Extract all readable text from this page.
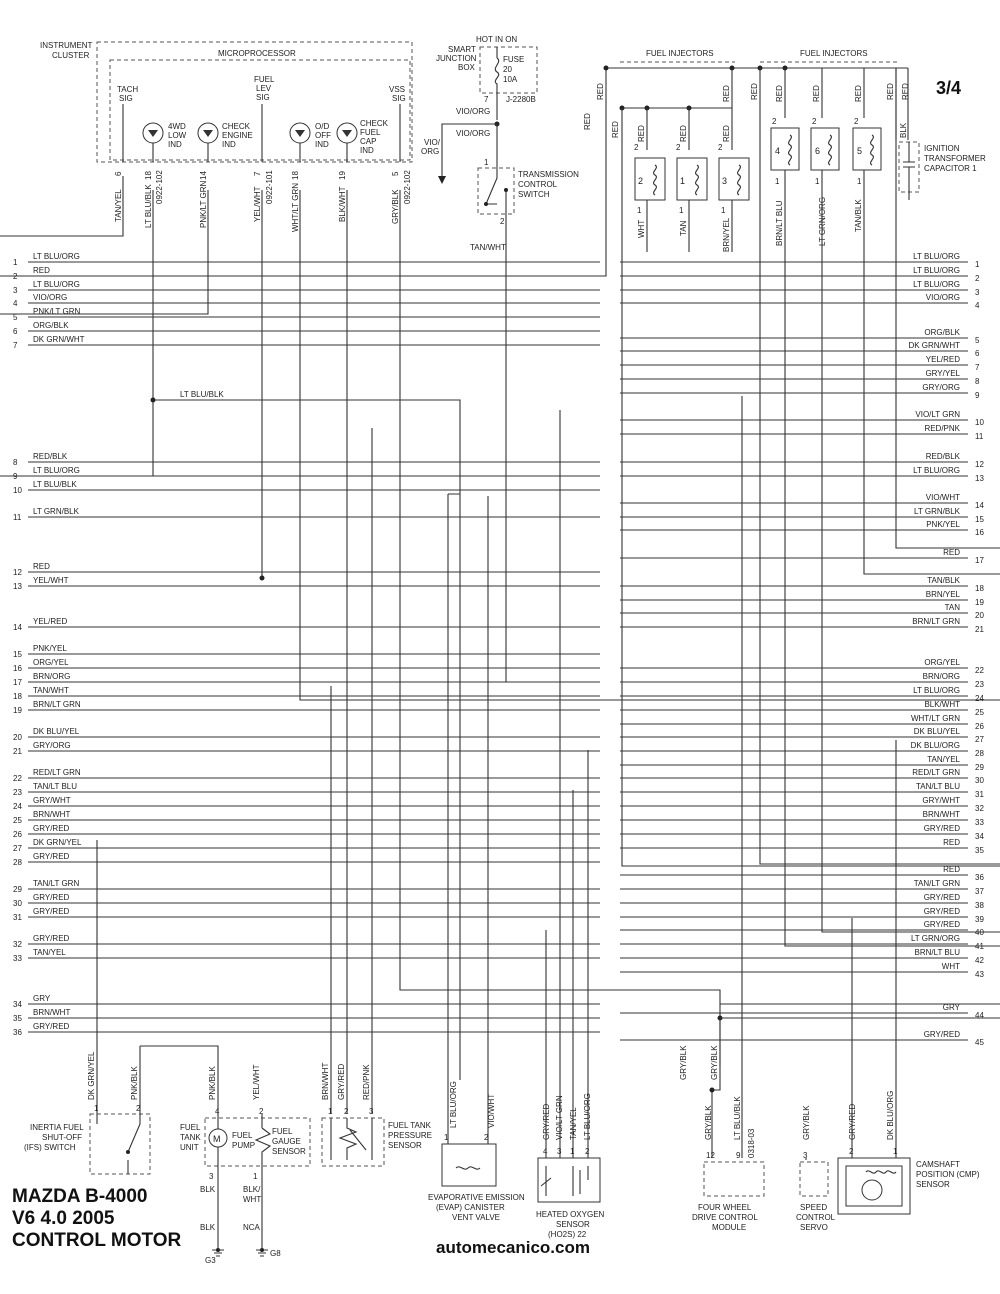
3/4
INSTRUMENT
CLUSTER	MICROPROCESSOR
TACH
SIG
FUEL
LEV
SIG
VSS
SIG
4WD
LOW
IND
CHECK
ENGINE
IND
O/D
OFF
IND
CHECK
FUEL
CAP
IND
6	18	14	7	18	19	5
TAN/YEL	LT BLU/BLK	PNK/LT GRN	YEL/WHT	WHT/LT GRN	BLK/WHT	GRY/BLK
0922-102	0922-101	0922-102
HOT IN ON
SMART
JUNCTION
BOX
FUSE
20
10A
7 J-2280B
VIO/ORG
VIO/ORG
VIO/
ORG
1
TRANSMISSION
CONTROL
SWITCH
2
TAN/WHT
FUEL INJECTORS	FUEL INJECTORS
2	1	3
4	6	5
2	2	2
1	1	1
2	2	2
1	1	1
RED	RED	RED
WHT	TAN	BRN/YEL
RED	RED	RED
BRN/LT BLU	LT GRN/ORG	TAN/BLK
RED
RED RED
RED RED	RED
IGNITION
TRANSFORMER
CAPACITOR 1
BLK
RED
1
LT BLU/ORG
2
RED
3
LT BLU/ORG
4
VIO/ORG
5
PNK/LT GRN
6
ORG/BLK
7
DK GRN/WHT
8
RED/BLK
9
LT BLU/ORG
10
LT BLU/BLK
11
LT GRN/BLK
12
RED
13
YEL/WHT
14
YEL/RED
15
PNK/YEL
16
ORG/YEL
17
BRN/ORG
18
TAN/WHT
19
BRN/LT GRN
20
DK BLU/YEL
21
GRY/ORG
22
RED/LT GRN
23
TAN/LT BLU
24
GRY/WHT
25
BRN/WHT
26
GRY/RED
27
DK GRN/YEL
28
GRY/RED
29
TAN/LT GRN
30
GRY/RED
31
GRY/RED
32
GRY/RED
33
TAN/YEL
34
GRY
35
BRN/WHT
36
GRY/RED
1
LT BLU/ORG
2
LT BLU/ORG
3
LT BLU/ORG
4
VIO/ORG
5
ORG/BLK
6
DK GRN/WHT
7
YEL/RED
8
GRY/YEL
9
GRY/ORG
10
VIO/LT GRN
11
RED/PNK
12
RED/BLK
13
LT BLU/ORG
14
VIO/WHT
15
LT GRN/BLK
16
PNK/YEL
17
RED
18
TAN/BLK
19
BRN/YEL
20
TAN
21
BRN/LT GRN
22
ORG/YEL
23
BRN/ORG
24
LT BLU/ORG
25
BLK/WHT
26
WHT/LT GRN
27
DK BLU/YEL
28
DK BLU/ORG
29
TAN/YEL
30
RED/LT GRN
31
TAN/LT BLU
32
GRY/WHT
33
BRN/WHT
34
GRY/RED
35
RED
36
RED
37
TAN/LT GRN
38
GRY/RED
39
GRY/RED
40
GRY/RED
41
LT GRN/ORG
42
BRN/LT BLU
43
WHT
44
GRY
45
GRY/RED
LT BLU/BLK
1	2
DK GRN/YEL	PNK/BLK
INERTIA FUEL
SHUT-OFF
(IFS) SWITCH
M
FUEL
TANK
UNIT
FUEL
PUMP
FUEL
GAUGE
SENSOR
4	2
PNK/BLK	YEL/WHT
3	1
BLK	BLK/
WHT
BLK	NCA
G3
G8
1 2	3
BRN/WHT GRY/RED RED/PNK
FUEL TANK
PRESSURE
SENSOR
1	2
LT BLU/ORG	VIO/WHT
EVAPORATIVE EMISSION
(EVAP) CANISTER
VENT VALVE
4 3 1 2
GRY/RED VIO/LT GRN TAN/YEL LT BLU/ORG
HEATED OXYGEN
SENSOR
(HO2S) 22
12	9
GRY/BLK	LT BLU/BLK
0318-03
GRY/BLK	GRY/BLK
FOUR WHEEL
DRIVE CONTROL
MODULE
3
GRY/BLK
SPEED
CONTROL
SERVO
2	1
GRY/RED	DK BLU/ORG
CAMSHAFT
POSITION (CMP)
SENSOR
MAZDA B-4000
V6 4.0 2005
CONTROL MOTOR	automecanico.com
